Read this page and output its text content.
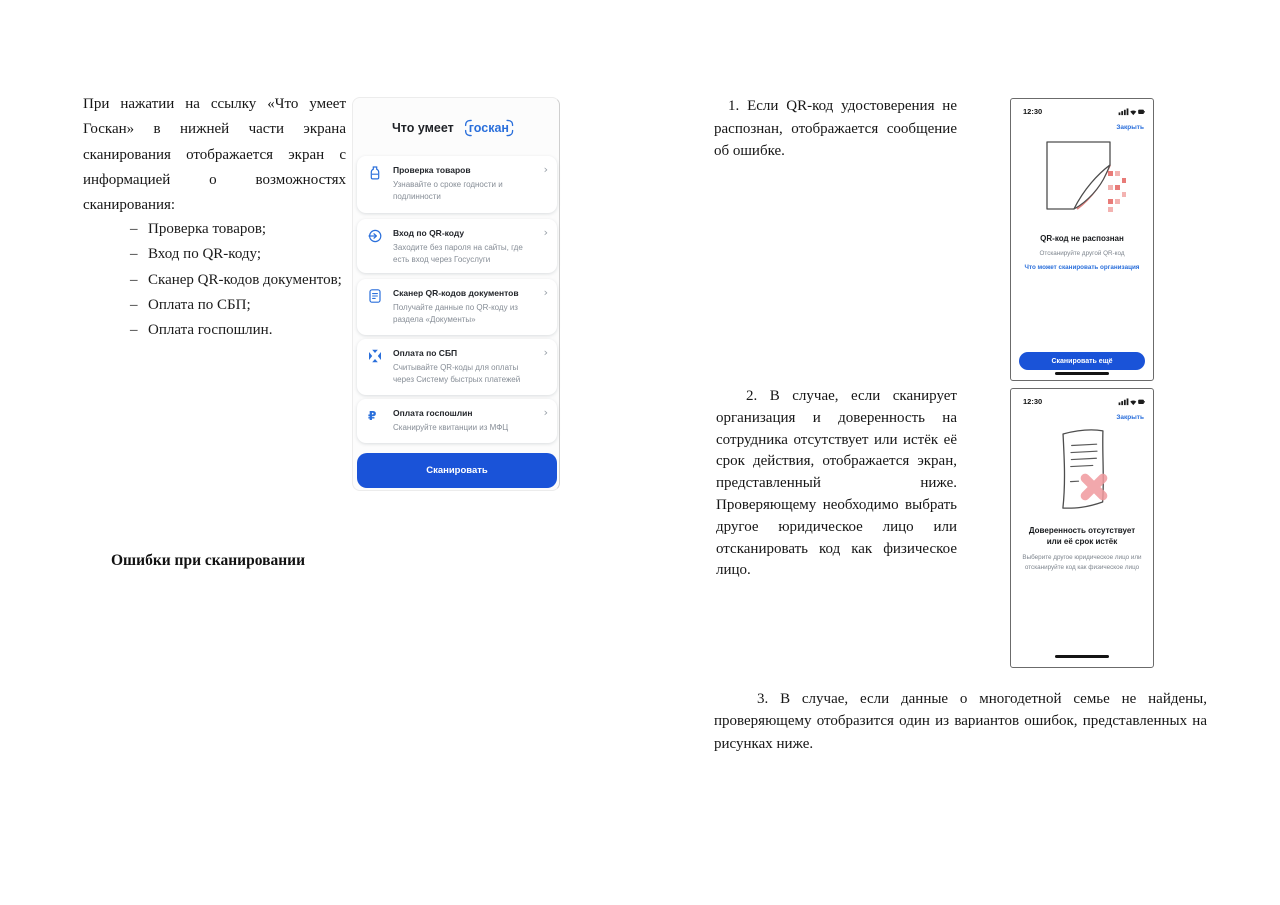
При нажатии на ссылку «Что умеет Госкан» в нижней части экрана сканирования отображается экран с информацией о возможностях сканирования:

– Проверка товаров;
– Вход по QR-коду;
– Сканер QR-кодов документов;
– Оплата по СБП;
– Оплата госпошлин.
Ошибки при сканировании
Что умеет госкан
Проверка товаров
Узнавайте о сроке годности и подлинности
›
Вход по QR-коду
Заходите без пароля на сайты, где есть вход через Госуслуги
›
Сканер QR-кодов документов
Получайте данные по QR-коду из раздела «Документы»
›
Оплата по СБП
Считывайте QR-коды для оплаты через Систему быстрых платежей
›
₽	Оплата госпошлин
Сканируйте квитанции из МФЦ
›
Сканировать

1. Если QR-код удостоверения не распознан, отображается сообщение об ошибке.

2. В случае, если сканирует организация и доверенность на сотрудника отсутствует или истёк её срок действия, отображается экран, представленный ниже. Проверяющему необходимо выбрать другое юридическое лицо или отсканировать код как физическое лицо.

3. В случае, если данные о многодетной семье не найдены, проверяющему отобразится один из вариантов ошибок, представленных на рисунках ниже.

12:30
Закрыть
QR-код не распознан
Отсканируйте другой QR-код
Что может сканировать организация
Сканировать ещё
12:30
Закрыть
Доверенность отсутствует или её срок истёк
Выберите другое юридическое лицо или отсканируйте код как физическое лицо
